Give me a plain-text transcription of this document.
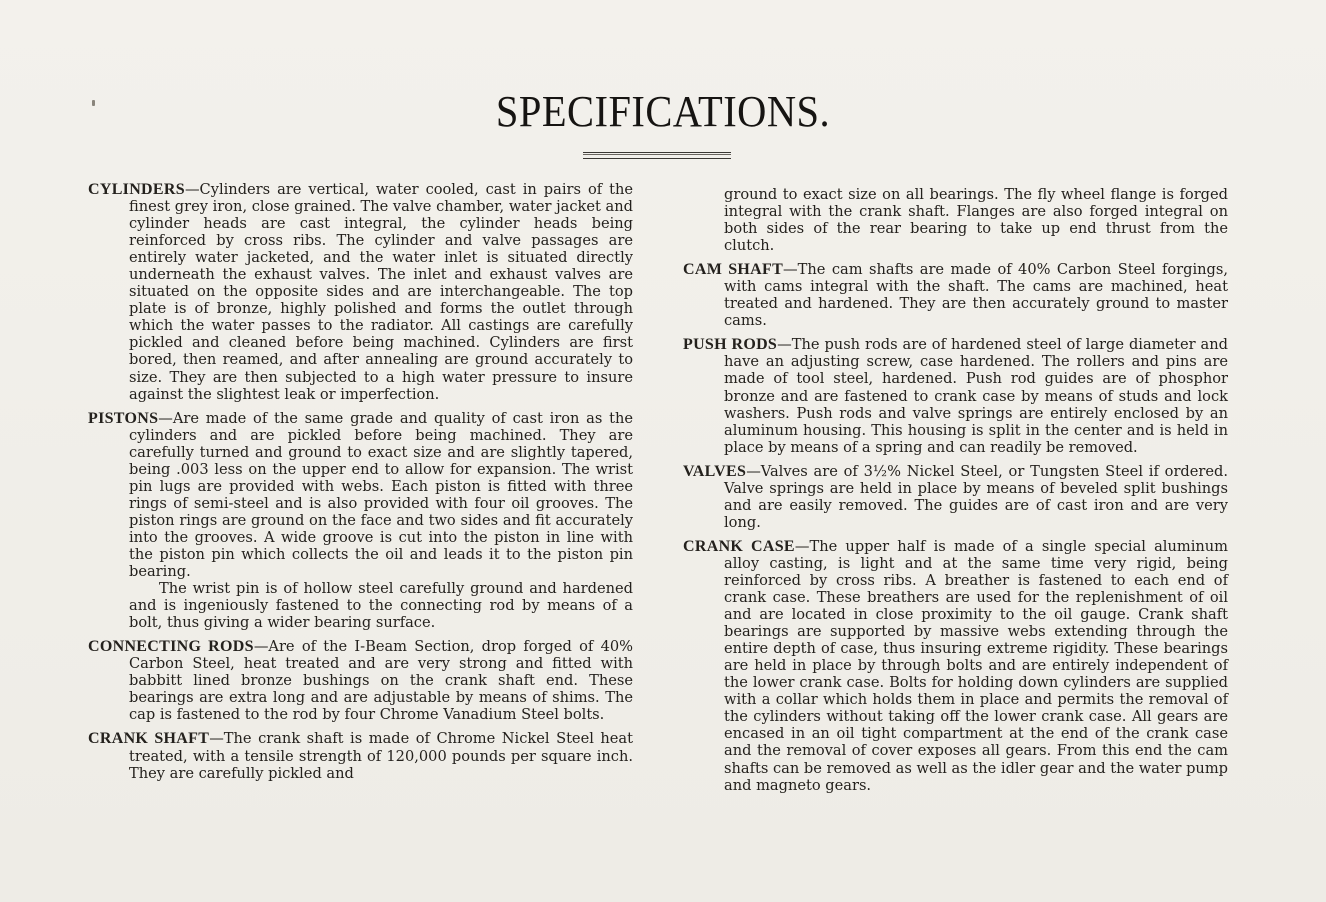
SPECIFICATIONS.

CYLINDERS—Cylinders are vertical, water cooled, cast in pairs of the finest grey iron, close grained. The valve chamber, water jacket and cylinder heads are cast integral, the cylinder heads being reinforced by cross ribs. The cylinder and valve passages are entirely water jacketed, and the water inlet is situated directly underneath the exhaust valves. The inlet and exhaust valves are situated on the opposite sides and are interchangeable. The top plate is of bronze, highly polished and forms the outlet through which the water passes to the radiator. All castings are carefully pickled and cleaned before being machined. Cylinders are first bored, then reamed, and after annealing are ground accurately to size. They are then subjected to a high water pressure to insure against the slightest leak or imperfection.

PISTONS—Are made of the same grade and quality of cast iron as the cylinders and are pickled before being machined. They are carefully turned and ground to exact size and are slightly tapered, being .003 less on the upper end to allow for expansion. The wrist pin lugs are provided with webs. Each piston is fitted with three rings of semi-steel and is also provided with four oil grooves. The piston rings are ground on the face and two sides and fit accurately into the grooves. A wide groove is cut into the piston in line with the piston pin which collects the oil and leads it to the piston pin bearing.

The wrist pin is of hollow steel carefully ground and hardened and is ingeniously fastened to the connecting rod by means of a bolt, thus giving a wider bearing surface.

CONNECTING RODS—Are of the I-Beam Section, drop forged of 40% Carbon Steel, heat treated and are very strong and fitted with babbitt lined bronze bushings on the crank shaft end. These bearings are extra long and are adjustable by means of shims. The cap is fastened to the rod by four Chrome Vanadium Steel bolts.

CRANK SHAFT—The crank shaft is made of Chrome Nickel Steel heat treated, with a tensile strength of 120,000 pounds per square inch. They are carefully pickled and

ground to exact size on all bearings. The fly wheel flange is forged integral with the crank shaft. Flanges are also forged integral on both sides of the rear bearing to take up end thrust from the clutch.

CAM SHAFT—The cam shafts are made of 40% Carbon Steel forgings, with cams integral with the shaft. The cams are machined, heat treated and hardened. They are then accurately ground to master cams.

PUSH RODS—The push rods are of hardened steel of large diameter and have an adjusting screw, case hardened. The rollers and pins are made of tool steel, hardened. Push rod guides are of phosphor bronze and are fastened to crank case by means of studs and lock washers. Push rods and valve springs are entirely enclosed by an aluminum housing. This housing is split in the center and is held in place by means of a spring and can readily be removed.

VALVES—Valves are of 3½% Nickel Steel, or Tungsten Steel if ordered. Valve springs are held in place by means of beveled split bushings and are easily removed. The guides are of cast iron and are very long.

CRANK CASE—The upper half is made of a single special aluminum alloy casting, is light and at the same time very rigid, being reinforced by cross ribs. A breather is fastened to each end of crank case. These breathers are used for the replenishment of oil and are located in close proximity to the oil gauge. Crank shaft bearings are supported by massive webs extending through the entire depth of case, thus insuring extreme rigidity. These bearings are held in place by through bolts and are entirely independent of the lower crank case. Bolts for holding down cylinders are supplied with a collar which holds them in place and permits the removal of the cylinders without taking off the lower crank case. All gears are encased in an oil tight compartment at the end of the crank case and the removal of cover exposes all gears. From this end the cam shafts can be removed as well as the idler gear and the water pump and magneto gears.
